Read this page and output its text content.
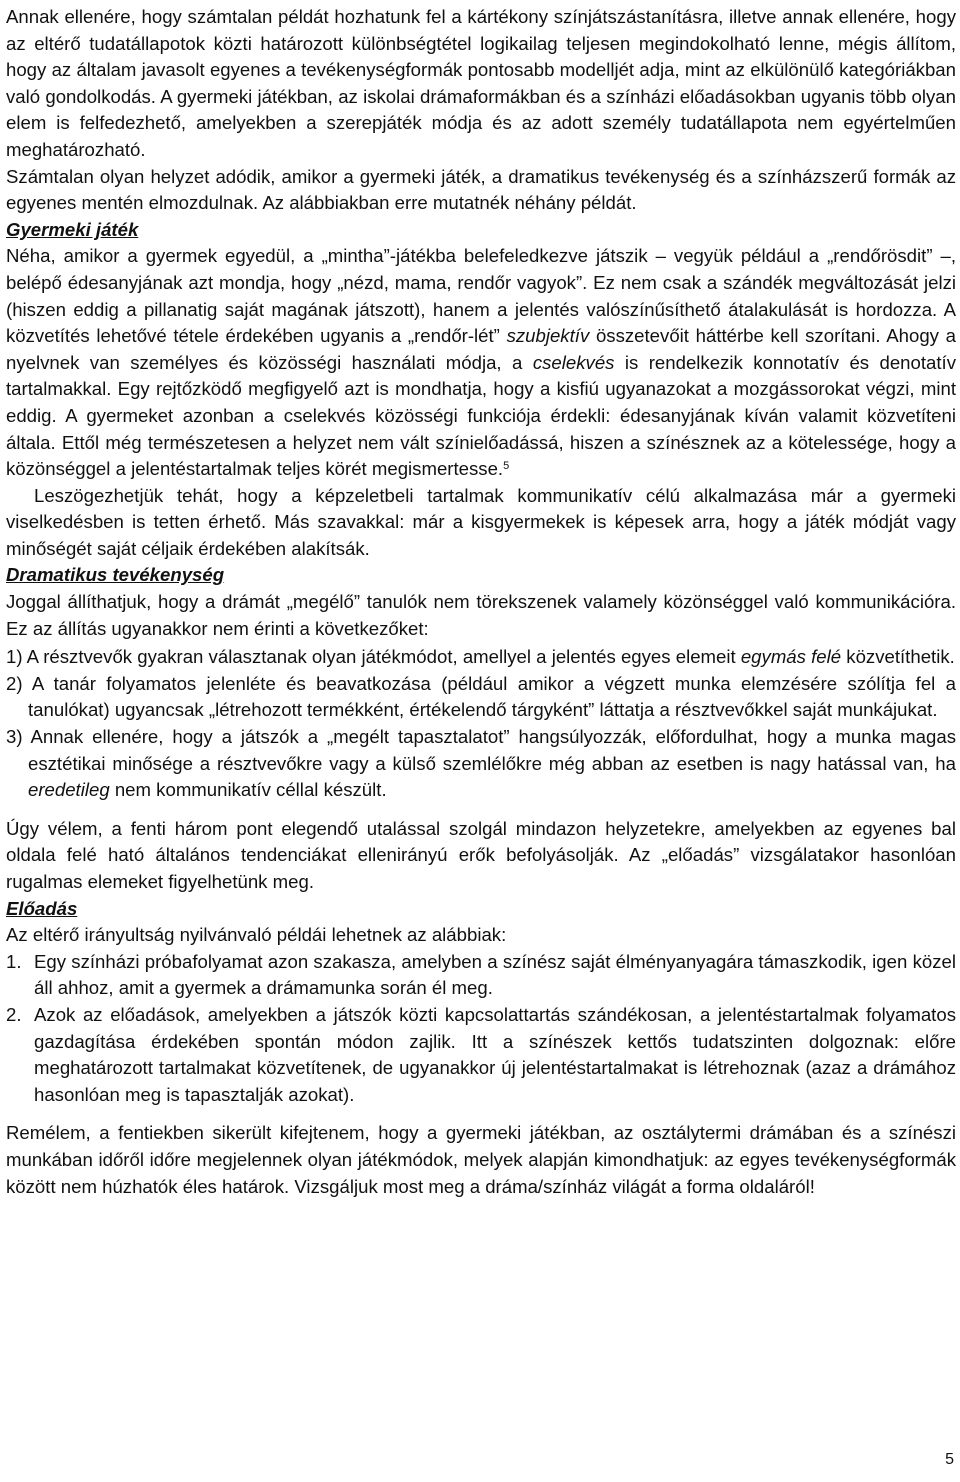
Annak ellenére, hogy számtalan példát hozhatunk fel a kártékony színjátszástanításra, illetve annak ellenére, hogy az eltérő tudatállapotok közti határozott különbségtétel logikailag teljesen megindokolható lenne, mégis állítom, hogy az általam javasolt egyenes a tevékenységformák pontosabb modelljét adja, mint az elkülönülő kategóriákban való gondolkodás. A gyermeki játékban, az iskolai drámaformákban és a színházi előadásokban ugyanis több olyan elem is felfedezhető, amelyekben a szerepjáték módja és az adott személy tudatállapota nem egyértelműen meghatározható.

Számtalan olyan helyzet adódik, amikor a gyermeki játék, a dramatikus tevékenység és a színházszerű formák az egyenes mentén elmozdulnak. Az alábbiakban erre mutatnék néhány példát.

Gyermeki játék

Néha, amikor a gyermek egyedül, a „mintha”-játékba belefeledkezve játszik – vegyük például a „rendőrösdit” –, belépő édesanyjának azt mondja, hogy „nézd, mama, rendőr vagyok”. Ez nem csak a szándék megváltozását jelzi (hiszen eddig a pillanatig saját magának játszott), hanem a jelentés valószínűsíthető átalakulását is hordozza. A közvetítés lehetővé tétele érdekében ugyanis a „rendőr-lét” szubjektív összetevőit háttérbe kell szorítani. Ahogy a nyelvnek van személyes és közösségi használati módja, a cselekvés is rendelkezik konnotatív és denotatív tartalmakkal. Egy rejtőzködő megfigyelő azt is mondhatja, hogy a kisfiú ugyanazokat a mozgássorokat végzi, mint eddig. A gyermeket azonban a cselekvés közösségi funkciója érdekli: édesanyjának kíván valamit közvetíteni általa. Ettől még természetesen a helyzet nem vált színielőadássá, hiszen a színésznek az a kötelessége, hogy a közönséggel a jelentéstartalmak teljes körét megismertesse.$^5$

Leszögezhetjük tehát, hogy a képzeletbeli tartalmak kommunikatív célú alkalmazása már a gyermeki viselkedésben is tetten érhető. Más szavakkal: már a kisgyermekek is képesek arra, hogy a játék módját vagy minőségét saját céljaik érdekében alakítsák.

Dramatikus tevékenység

Joggal állíthatjuk, hogy a drámát „megélő” tanulók nem törekszenek valamely közönséggel való kommunikációra. Ez az állítás ugyanakkor nem érinti a következőket:

1) A résztvevők gyakran választanak olyan játékmódot, amellyel a jelentés egyes elemeit egymás felé közvetíthetik.

2) A tanár folyamatos jelenléte és beavatkozása (például amikor a végzett munka elemzésére szólítja fel a tanulókat) ugyancsak „létrehozott termékként, értékelendő tárgyként” láttatja a résztvevőkkel saját munkájukat.

3) Annak ellenére, hogy a játszók a „megélt tapasztalatot” hangsúlyozzák, előfordulhat, hogy a munka magas esztétikai minősége a résztvevőkre vagy a külső szemlélőkre még abban az esetben is nagy hatással van, ha eredetileg nem kommunikatív céllal készült.

Úgy vélem, a fenti három pont elegendő utalással szolgál mindazon helyzetekre, amelyekben az egyenes bal oldala felé ható általános tendenciákat ellenirányú erők befolyásolják. Az „előadás” vizsgálatakor hasonlóan rugalmas elemeket figyelhetünk meg.

Előadás

Az eltérő irányultság nyilvánvaló példái lehetnek az alábbiak:

1. Egy színházi próbafolyamat azon szakasza, amelyben a színész saját élményanyagára támaszkodik, igen közel áll ahhoz, amit a gyermek a drámamunka során él meg.
2. Azok az előadások, amelyekben a játszók közti kapcsolattartás szándékosan, a jelentéstartalmak folyamatos gazdagítása érdekében spontán módon zajlik. Itt a színészek kettős tudatszinten dolgoznak: előre meghatározott tartalmakat közvetítenek, de ugyanakkor új jelentéstartalmakat is létrehoznak (azaz a drámához hasonlóan meg is tapasztalják azokat).

Remélem, a fentiekben sikerült kifejtenem, hogy a gyermeki játékban, az osztálytermi drámában és a színészi munkában időről időre megjelennek olyan játékmódok, melyek alapján kimondhatjuk: az egyes tevékenységformák között nem húzhatók éles határok. Vizsgáljuk most meg a dráma/színház világát a forma oldaláról!

5
